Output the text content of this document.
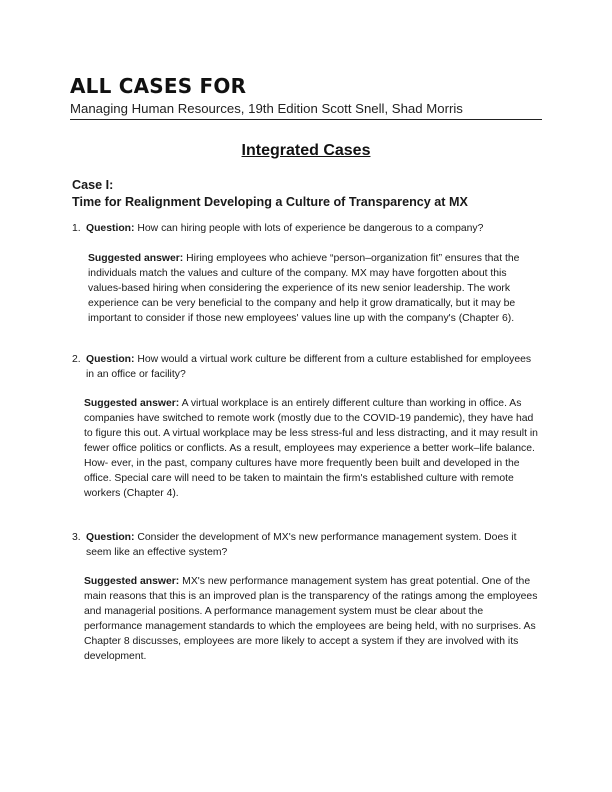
ALL CASES FOR
Managing Human Resources, 19th Edition Scott Snell, Shad Morris
Integrated Cases
Case I:
Time for Realignment Developing a Culture of Transparency at MX
1. Question: How can hiring people with lots of experience be dangerous to a company?
Suggested answer: Hiring employees who achieve “person–organization fit” ensures that the individuals match the values and culture of the company. MX may have forgotten about this values-based hiring when considering the experience of its new senior leadership. The work experience can be very beneficial to the company and help it grow dramatically, but it may be important to consider if those new employees' values line up with the company's (Chapter 6).
2. Question: How would a virtual work culture be different from a culture established for employees in an office or facility?
Suggested answer: A virtual workplace is an entirely different culture than working in office. As companies have switched to remote work (mostly due to the COVID-19 pandemic), they have had to figure this out. A virtual workplace may be less stress-ful and less distracting, and it may result in fewer office politics or conflicts. As a result, employees may experience a better work–life balance. How- ever, in the past, company cultures have more frequently been built and developed in the office. Special care will need to be taken to maintain the firm's established culture with remote workers (Chapter 4).
3. Question: Consider the development of MX's new performance management system. Does it seem like an effective system?
Suggested answer: MX's new performance management system has great potential. One of the main reasons that this is an improved plan is the transparency of the ratings among the employees and managerial positions. A performance management system must be clear about the performance management standards to which the employees are being held, with no surprises. As Chapter 8 discusses, employees are more likely to accept a system if they are involved with its development.
